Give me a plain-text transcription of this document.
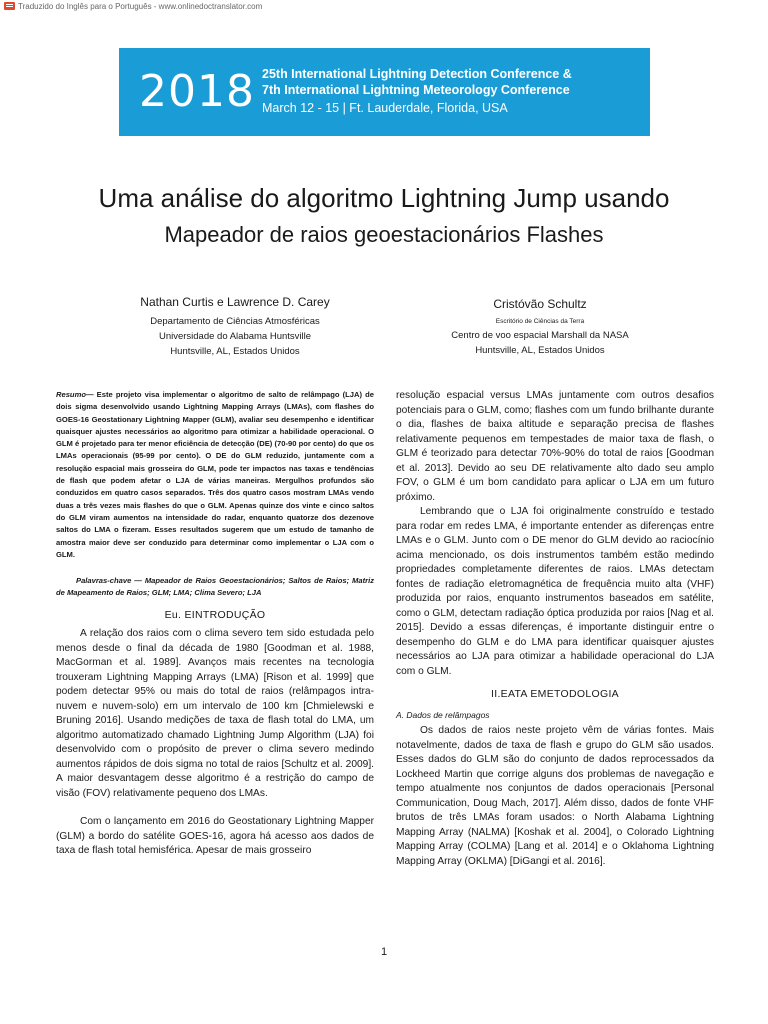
Traduzido do Inglês para o Português - www.onlinedoctranslator.com
2018 25th International Lightning Detection Conference &
7th International Lightning Meteorology Conference
March 12 - 15 | Ft. Lauderdale, Florida, USA
Uma análise do algoritmo Lightning Jump usando
Mapeador de raios geoestacionários Flashes
Nathan Curtis e Lawrence D. Carey
Departamento de Ciências Atmosféricas
Universidade do Alabama Huntsville
Huntsville, AL, Estados Unidos
Cristóvão Schultz
Escritório de Ciências da Terra
Centro de voo espacial Marshall da NASA
Huntsville, AL, Estados Unidos

Resumo— Este projeto visa implementar o algoritmo de salto de relâmpago (LJA) de dois sigma desenvolvido usando Lightning Mapping Arrays (LMAs), com flashes do GOES-16 Geostationary Lightning Mapper (GLM), avaliar seu desempenho e identificar quaisquer ajustes necessários ao algoritmo para otimizar a habilidade operacional. O GLM é projetado para ter menor eficiência de detecção (DE) (70-90 por cento) do que os LMAs operacionais (95-99 por cento). O DE do GLM reduzido, juntamente com a resolução espacial mais grosseira do GLM, pode ter impactos nas taxas e tendências de flash que podem afetar o LJA de várias maneiras. Mergulhos profundos são conduzidos em quatro casos separados. Três dos quatro casos mostram LMAs vendo duas a três vezes mais flashes do que o GLM. Apenas quinze dos vinte e cinco saltos do GLM viram aumentos na intensidade do radar, enquanto quatorze dos dezenove saltos do LMA o fizeram. Esses resultados sugerem que um estudo de tamanho de amostra maior deve ser conduzido para determinar como implementar o LJA com o GLM.

Palavras-chave — Mapeador de Raios Geoestacionários; Saltos de Raios; Matriz de Mapeamento de Raios; GLM; LMA; Clima Severo; LJA

Eu. EINTRODUÇÃO

A relação dos raios com o clima severo tem sido estudada pelo menos desde o final da década de 1980 [Goodman et al. 1988, MacGorman et al. 1989]. Avanços mais recentes na tecnologia trouxeram Lightning Mapping Arrays (LMA) [Rison et al. 1999] que podem detectar 95% ou mais do total de raios (relâmpagos intra-nuvem e nuvem-solo) em um intervalo de 100 km [Chmielewski e Bruning 2016]. Usando medições de taxa de flash total do LMA, um algoritmo automatizado chamado Lightning Jump Algorithm (LJA) foi desenvolvido com o propósito de prever o clima severo medindo aumentos rápidos de dois sigma no total de raios [Schultz et al. 2009]. A maior desvantagem desse algoritmo é a restrição do campo de visão (FOV) relativamente pequeno dos LMAs.

Com o lançamento em 2016 do Geostationary Lightning Mapper (GLM) a bordo do satélite GOES-16, agora há acesso aos dados de taxa de flash total hemisférica. Apesar de mais grosseiro

resolução espacial versus LMAs juntamente com outros desafios potenciais para o GLM, como; flashes com um fundo brilhante durante o dia, flashes de baixa altitude e separação precisa de flashes relativamente pequenos em tempestades de maior taxa de flash, o GLM é teorizado para detectar 70%-90% do total de raios [Goodman et al. 2013]. Devido ao seu DE relativamente alto dado seu amplo FOV, o GLM é um bom candidato para aplicar o LJA em um futuro próximo.

Lembrando que o LJA foi originalmente construído e testado para rodar em redes LMA, é importante entender as diferenças entre LMAs e o GLM. Junto com o DE menor do GLM devido ao raciocínio acima mencionado, os dois instrumentos também estão medindo propriedades completamente diferentes de raios. LMAs detectam fontes de radiação eletromagnética de frequência muito alta (VHF) produzida por raios, enquanto instrumentos baseados em satélite, como o GLM, detectam radiação óptica produzida por raios [Nag et al. 2015]. Devido a essas diferenças, é importante distinguir entre o desempenho do GLM e do LMA para identificar quaisquer ajustes necessários ao LJA para otimizar a habilidade operacional do LJA com o GLM.

II.EATA EMETODOLOGIA

A. Dados de relâmpagos

Os dados de raios neste projeto vêm de várias fontes. Mais notavelmente, dados de taxa de flash e grupo do GLM são usados. Esses dados do GLM são do conjunto de dados reprocessados da Lockheed Martin que corrige alguns dos problemas de navegação e tempo atualmente nos conjuntos de dados operacionais [Personal Communication, Doug Mach, 2017]. Além disso, dados de fonte VHF brutos de três LMAs foram usados: o North Alabama Lightning Mapping Array (NALMA) [Koshak et al. 2004], o Colorado Lightning Mapping Array (COLMA) [Lang et al. 2014] e o Oklahoma Lightning Mapping Array (OKLMA) [DiGangi et al. 2016].

1
